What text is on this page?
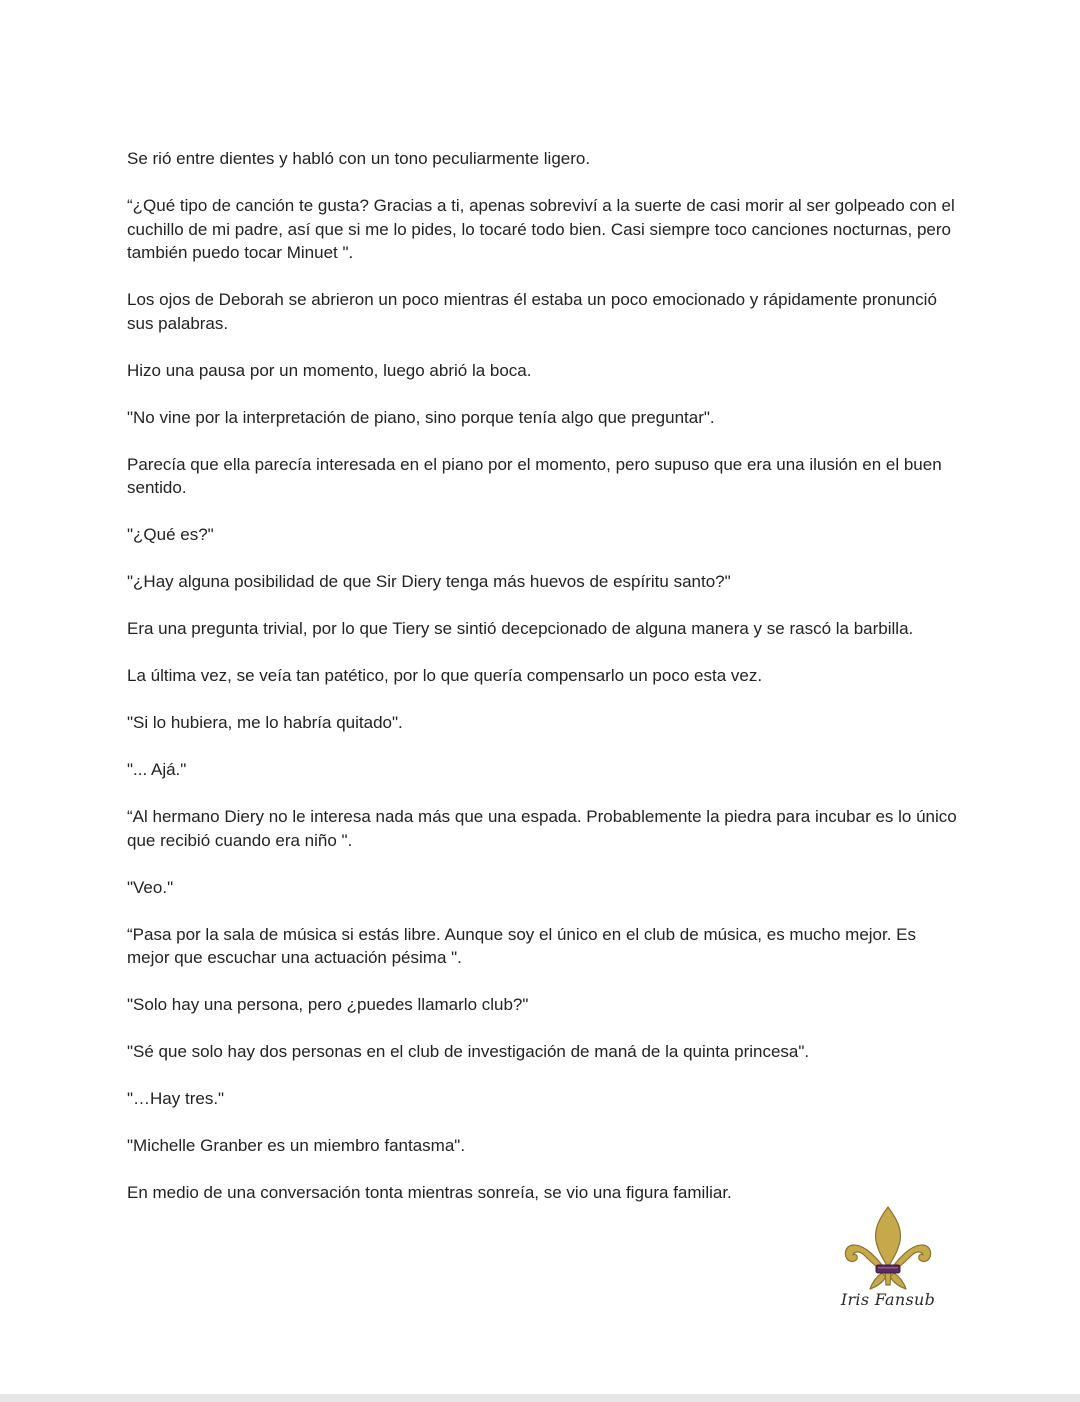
Se rió entre dientes y habló con un tono peculiarmente ligero.

“¿Qué tipo de canción te gusta? Gracias a ti, apenas sobreviví a la suerte de casi morir al ser golpeado con el cuchillo de mi padre, así que si me lo pides, lo tocaré todo bien. Casi siempre toco canciones nocturnas, pero también puedo tocar Minuet ".

Los ojos de Deborah se abrieron un poco mientras él estaba un poco emocionado y rápidamente pronunció sus palabras.

Hizo una pausa por un momento, luego abrió la boca.

"No vine por la interpretación de piano, sino porque tenía algo que preguntar".

Parecía que ella parecía interesada en el piano por el momento, pero supuso que era una ilusión en el buen sentido.

"¿Qué es?"

"¿Hay alguna posibilidad de que Sir Diery tenga más huevos de espíritu santo?"

Era una pregunta trivial, por lo que Tiery se sintió decepcionado de alguna manera y se rascó la barbilla.

La última vez, se veía tan patético, por lo que quería compensarlo un poco esta vez.

"Si lo hubiera, me lo habría quitado".

"... Ajá."

“Al hermano Diery no le interesa nada más que una espada. Probablemente la piedra para incubar es lo único que recibió cuando era niño ".

"Veo."

“Pasa por la sala de música si estás libre. Aunque soy el único en el club de música, es mucho mejor. Es mejor que escuchar una actuación pésima ".

"Solo hay una persona, pero ¿puedes llamarlo club?"

"Sé que solo hay dos personas en el club de investigación de maná de la quinta princesa".

"…Hay tres."

"Michelle Granber es un miembro fantasma".

En medio de una conversación tonta mientras sonreía, se vio una figura familiar.

Iris Fansub
